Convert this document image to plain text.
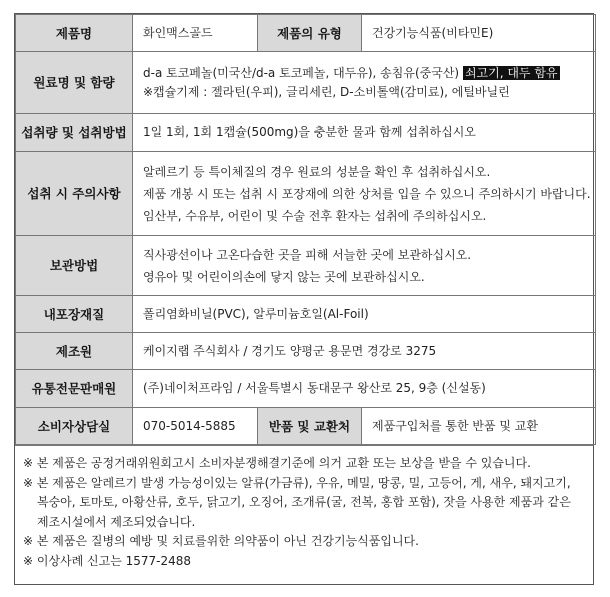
제품명	화인맥스골드	제품의 유형	건강기능식품(비타민E)
원료명 및 함량	d-a 토코페놀(미국산/d-a 토코페놀, 대두유), 송침유(중국산) 쇠고기, 대두 함유
※캡슐기제 : 젤라틴(우피), 글리세린, D-소비톨액(감미료), 에틸바닐린		

섭취량 및 섭취방법	1일 1회, 1회 1캡슐(500mg)을 충분한 물과 함께 섭취하십시오		
섭취 시 주의사항	알레르기 등 특이체질의 경우 원료의 성분을 확인 후 섭취하십시오.
제품 개봉 시 또는 섭취 시 포장재에 의한 상처를 입을 수 있으니 주의하시기 바랍니다.
임산부, 수유부, 어린이 및 수술 전후 환자는 섭취에 주의하십시오.		

보관방법	직사광선이나 고온다습한 곳을 피해 서늘한 곳에 보관하십시오.
영유아 및 어린이의손에 닿지 않는 곳에 보관하십시오.		

내포장재질	폴리염화비닐(PVC), 알루미늄호일(Al-Foil)		
제조원	케이지랩 주식회사 / 경기도 양평군 용문면 경강로 3275		
유통전문판매원	(주)네이처프라임 / 서울특별시 동대문구 왕산로 25, 9층 (신설동)		
소비자상담실	070-5014-5885	반품 및 교환처	제품구입처를 통한 반품 및 교환
※ 본 제품은 공정거래위원회고시 소비자분쟁해결기준에 의거 교환 또는 보상을 받을 수 있습니다.
※ 본 제품은 알레르기 발생 가능성이있는 알류(가금류), 우유, 메밀, 땅콩, 밀, 고등어, 게, 새우, 돼지고기,
복숭아, 토마토, 아황산류, 호두, 닭고기, 오징어, 조개류(굴, 전복, 홍합 포함), 잣을 사용한 제품과 같은
제조시설에서 제조되었습니다.
※ 본 제품은 질병의 예방 및 치료를위한 의약품이 아닌 건강기능식품입니다.
※ 이상사례 신고는 1577-2488
